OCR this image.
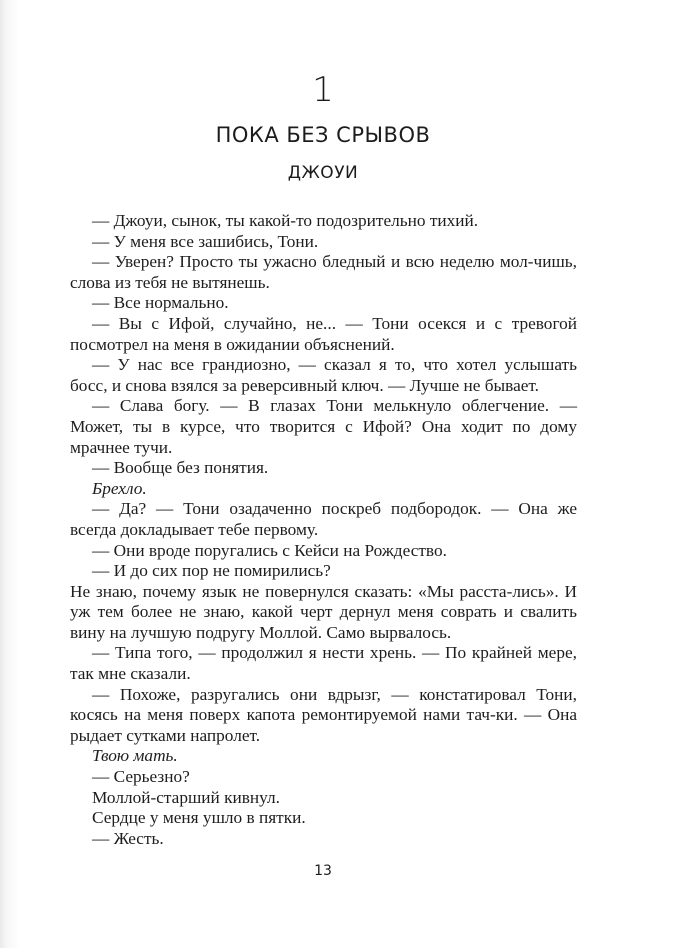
1
ПОКА БЕЗ СРЫВОВ
ДЖОУИ

— Джоуи, сынок, ты какой-то подозрительно тихий.

— У меня все зашибись, Тони.

— Уверен? Просто ты ужасно бледный и всю неделю мол-чишь, слова из тебя не вытянешь.

— Все нормально.

— Вы с Ифой, случайно, не... — Тони осекся и с тревогой посмотрел на меня в ожидании объяснений.

— У нас все грандиозно, — сказал я то, что хотел услышать босс, и снова взялся за реверсивный ключ. — Лучше не бывает.

— Слава богу. — В глазах Тони мелькнуло облегчение. — Может, ты в курсе, что творится с Ифой? Она ходит по дому мрачнее тучи.

— Вообще без понятия.

Брехло.

— Да? — Тони озадаченно поскреб подбородок. — Она же всегда докладывает тебе первому.

— Они вроде поругались с Кейси на Рождество.

— И до сих пор не помирились?

Не знаю, почему язык не повернулся сказать: «Мы расста-лись». И уж тем более не знаю, какой черт дернул меня соврать и свалить вину на лучшую подругу Моллой. Само вырвалось.

— Типа того, — продолжил я нести хрень. — По крайней мере, так мне сказали.

— Похоже, разругались они вдрызг, — констатировал Тони, косясь на меня поверх капота ремонтируемой нами тач-ки. — Она рыдает сутками напролет.

Твою мать.

— Серьезно?

Моллой-старший кивнул.

Сердце у меня ушло в пятки.

— Жесть.

13
